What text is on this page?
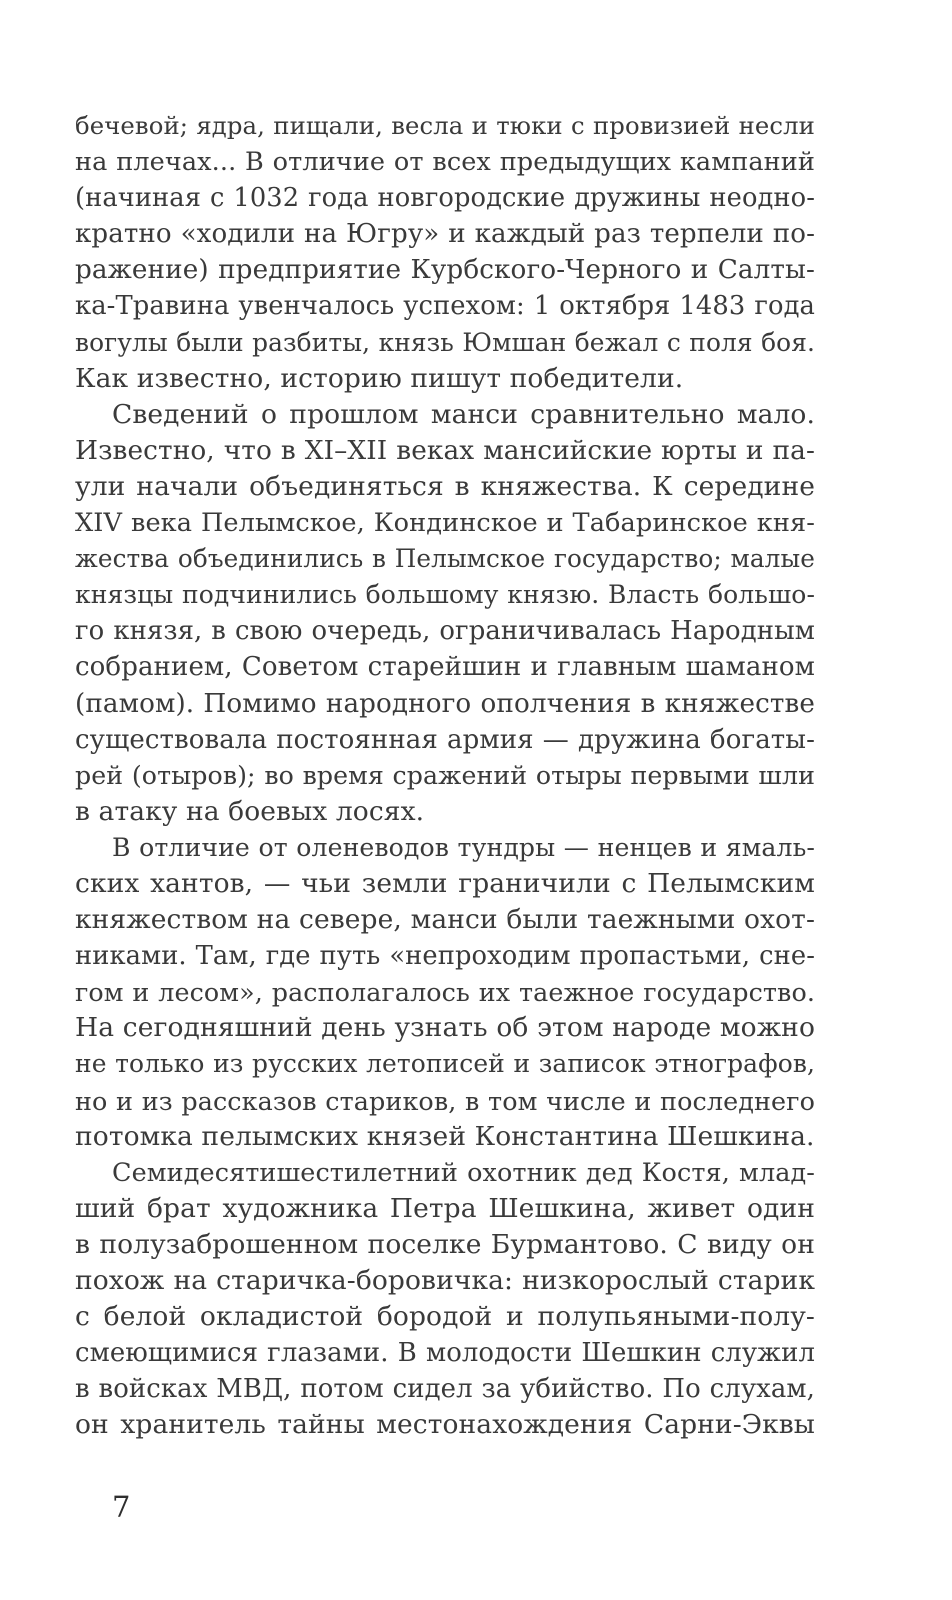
бечевой; ядра, пищали, весла и тюки с провизией несли
на плечах... В отличие от всех предыдущих кампаний
(начиная с 1032 года новгородские дружины неодно-
кратно «ходили на Югру» и каждый раз терпели по-
ражение) предприятие Курбского-Черного и Салты-
ка-Травина увенчалось успехом: 1 октября 1483 года
вогулы были разбиты, князь Юмшан бежал с поля боя.
Как известно, историю пишут победители.
Сведений о прошлом манси сравнительно мало.
Известно, что в XI–XII веках мансийские юрты и па-
ули начали объединяться в княжества. К середине
XIV века Пелымское, Кондинское и Табаринское кня-
жества объединились в Пелымское государство; малые
князцы подчинились большому князю. Власть большо-
го князя, в свою очередь, ограничивалась Народным
собранием, Советом старейшин и главным шаманом
(памом). Помимо народного ополчения в княжестве
существовала постоянная армия — дружина богаты-
рей (отыров); во время сражений отыры первыми шли
в атаку на боевых лосях.
В отличие от оленеводов тундры — ненцев и ямаль-
ских хантов, — чьи земли граничили с Пелымским
княжеством на севере, манси были таежными охот-
никами. Там, где путь «непроходим пропастьми, сне-
гом и лесом», располагалось их таежное государство.
На сегодняшний день узнать об этом народе можно
не только из русских летописей и записок этнографов,
но и из рассказов стариков, в том числе и последнего
потомка пелымских князей Константина Шешкина.
Семидесятишестилетний охотник дед Костя, млад-
ший брат художника Петра Шешкина, живет один
в полузаброшенном поселке Бурмантово. С виду он
похож на старичка-боровичка: низкорослый старик
с белой окладистой бородой и полупьяными-полу-
смеющимися глазами. В молодости Шешкин служил
в войсках МВД, потом сидел за убийство. По слухам,
он хранитель тайны местонахождения Сарни-Эквы
7
